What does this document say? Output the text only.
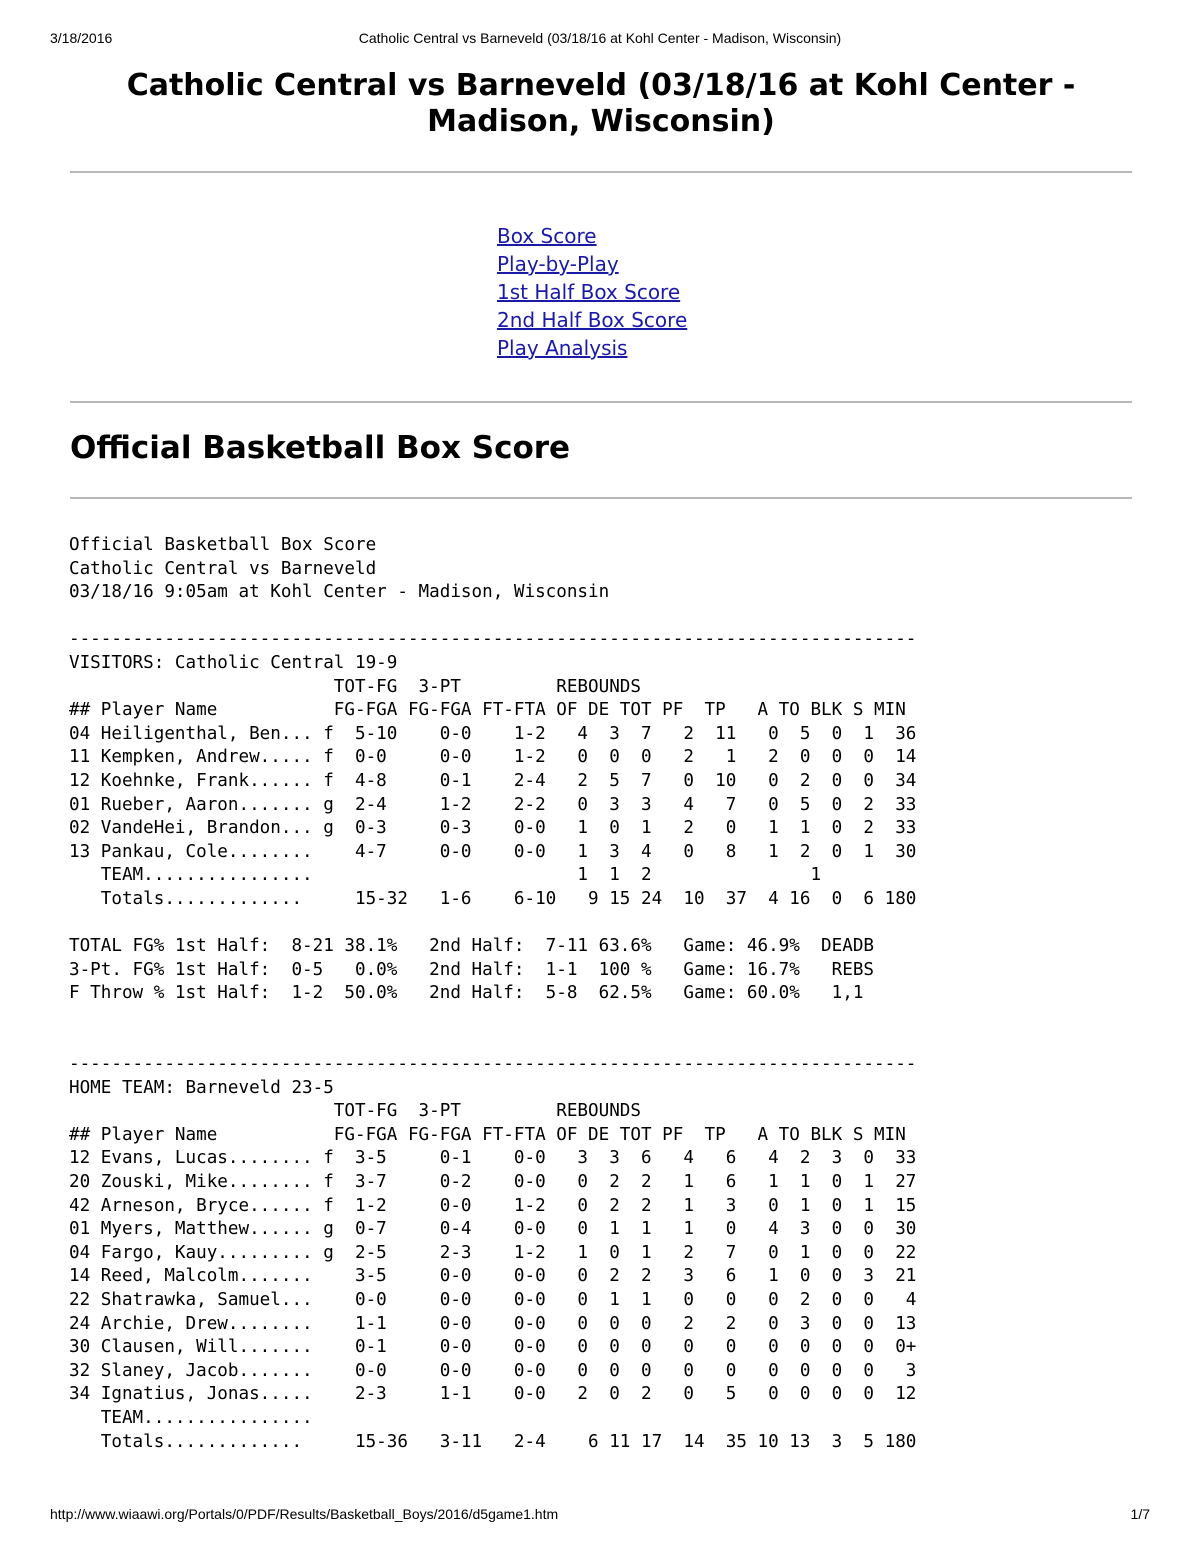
3/18/2016	Catholic Central vs Barneveld (03/18/16 at Kohl Center - Madison, Wisconsin)
Catholic Central vs Barneveld (03/18/16 at Kohl Center - Madison, Wisconsin)
Box Score
Play-by-Play
1st Half Box Score
2nd Half Box Score
Play Analysis
Official Basketball Box Score
Official Basketball Box Score
Catholic Central vs Barneveld
03/18/16 9:05am at Kohl Center - Madison, Wisconsin
--------------------------------------------------------------------------------
VISITORS: Catholic Central 19-9
TOT-FG  3-PT         REBOUNDS
## Player Name           FG-FGA FG-FGA FT-FTA OF DE TOT PF  TP   A TO BLK S MIN
04 Heiligenthal, Ben... f  5-10    0-0    1-2   4  3  7   2  11   0  5  0  1  36
11 Kempken, Andrew..... f  0-0     0-0    1-2   0  0  0   2   1   2  0  0  0  14
12 Koehnke, Frank...... f  4-8     0-1    2-4   2  5  7   0  10   0  2  0  0  34
01 Rueber, Aaron....... g  2-4     1-2    2-2   0  3  3   4   7   0  5  0  2  33
02 VandeHei, Brandon... g  0-3     0-3    0-0   1  0  1   2   0   1  1  0  2  33
13 Pankau, Cole........    4-7     0-0    0-0   1  3  4   0   8   1  2  0  1  30
TEAM................                         1  1  2               1
Totals.............     15-32   1-6    6-10   9 15 24  10  37  4 16  0  6 180
TOTAL FG% 1st Half:  8-21 38.1%   2nd Half:  7-11 63.6%   Game: 46.9%  DEADB
3-Pt. FG% 1st Half:  0-5   0.0%   2nd Half:  1-1  100 %   Game: 16.7%   REBS
F Throw % 1st Half:  1-2  50.0%   2nd Half:  5-8  62.5%   Game: 60.0%   1,1
--------------------------------------------------------------------------------
HOME TEAM: Barneveld 23-5
TOT-FG  3-PT         REBOUNDS
## Player Name           FG-FGA FG-FGA FT-FTA OF DE TOT PF  TP   A TO BLK S MIN
12 Evans, Lucas........ f  3-5     0-1    0-0   3  3  6   4   6   4  2  3  0  33
20 Zouski, Mike........ f  3-7     0-2    0-0   0  2  2   1   6   1  1  0  1  27
42 Arneson, Bryce...... f  1-2     0-0    1-2   0  2  2   1   3   0  1  0  1  15
01 Myers, Matthew...... g  0-7     0-4    0-0   0  1  1   1   0   4  3  0  0  30
04 Fargo, Kauy......... g  2-5     2-3    1-2   1  0  1   2   7   0  1  0  0  22
14 Reed, Malcolm.......    3-5     0-0    0-0   0  2  2   3   6   1  0  0  3  21
22 Shatrawka, Samuel...    0-0     0-0    0-0   0  1  1   0   0   0  2  0  0   4
24 Archie, Drew........    1-1     0-0    0-0   0  0  0   2   2   0  3  0  0  13
30 Clausen, Will.......    0-1     0-0    0-0   0  0  0   0   0   0  0  0  0  0+
32 Slaney, Jacob.......    0-0     0-0    0-0   0  0  0   0   0   0  0  0  0   3
34 Ignatius, Jonas.....    2-3     1-1    0-0   2  0  2   0   5   0  0  0  0  12
TEAM................
Totals.............     15-36   3-11   2-4    6 11 17  14  35 10 13  3  5 180
http://www.wiaawi.org/Portals/0/PDF/Results/Basketball_Boys/2016/d5game1.htm	1/7
